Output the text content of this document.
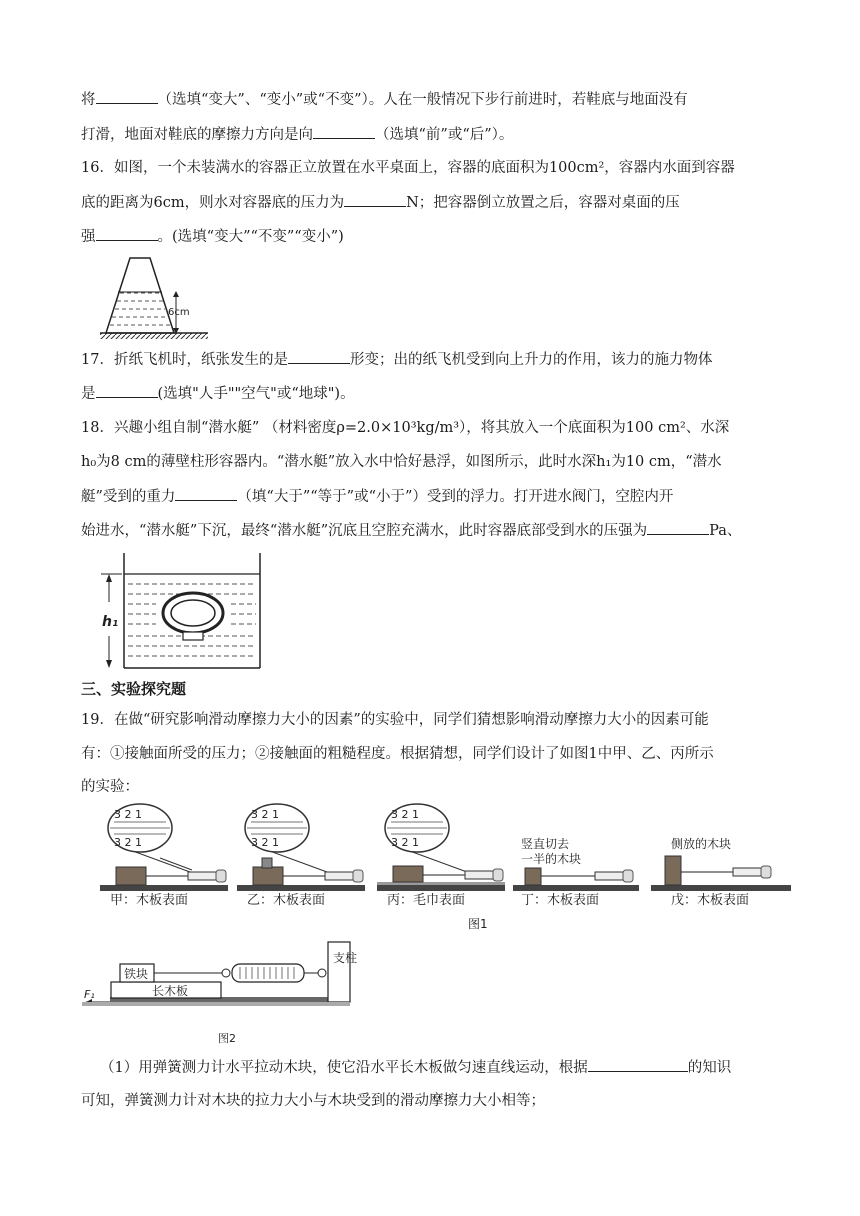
将	（选填“变大”、“变小”或“不变”）。人在一般情况下步行前进时，若鞋底与地面没有
打滑，地面对鞋底的摩擦力方向是向	（选填“前”或“后”）。
16．如图，一个未装满水的容器正立放置在水平桌面上，容器的底面积为100cm²，容器内水面到容器
底的距离为6cm，则水对容器底的压力为	N；把容器倒立放置之后，容器对桌面的压
强	。(选填“变大”“不变”“变小”)
6cm
17．折纸飞机时，纸张发生的是	形变；出的纸飞机受到向上升力的作用，该力的施力物体
是	(选填"人手""空气"或“地球")。
18．兴趣小组自制“潜水艇” （材料密度ρ=2.0×10³kg/m³），将其放入一个底面积为100 cm²、水深
h₀为8 cm的薄壁柱形容器内。“潜水艇”放入水中恰好悬浮，如图所示，此时水深h₁为10 cm，“潜水
艇”受到的重力	（填“大于”“等于”或“小于”）受到的浮力。打开进水阀门，空腔内开
始进水，“潜水艇”下沉，最终“潜水艇”沉底且空腔充满水，此时容器底部受到水的压强为	Pa、
h₁
三、实验探究题
19．在做“研究影响滑动摩擦力大小的因素”的实验中，同学们猜想影响滑动摩擦力大小的因素可能
有：①接触面所受的压力；②接触面的粗糙程度。根据猜想，同学们设计了如图1中甲、乙、丙所示
的实验：
3 2 1
3 2 1
甲：木板表面
3 2 1
3 2 1
乙：木板表面
3 2 1
3 2 1
丙：毛巾表面
竖直切去
一半的木块
丁：木板表面
侧放的木块
戊：木板表面
图1
长木板
铁块
支柱
F₁
图2
（1）用弹簧测力计水平拉动木块，使它沿水平长木板做匀速直线运动，根据	的知识
可知，弹簧测力计对木块的拉力大小与木块受到的滑动摩擦力大小相等；
